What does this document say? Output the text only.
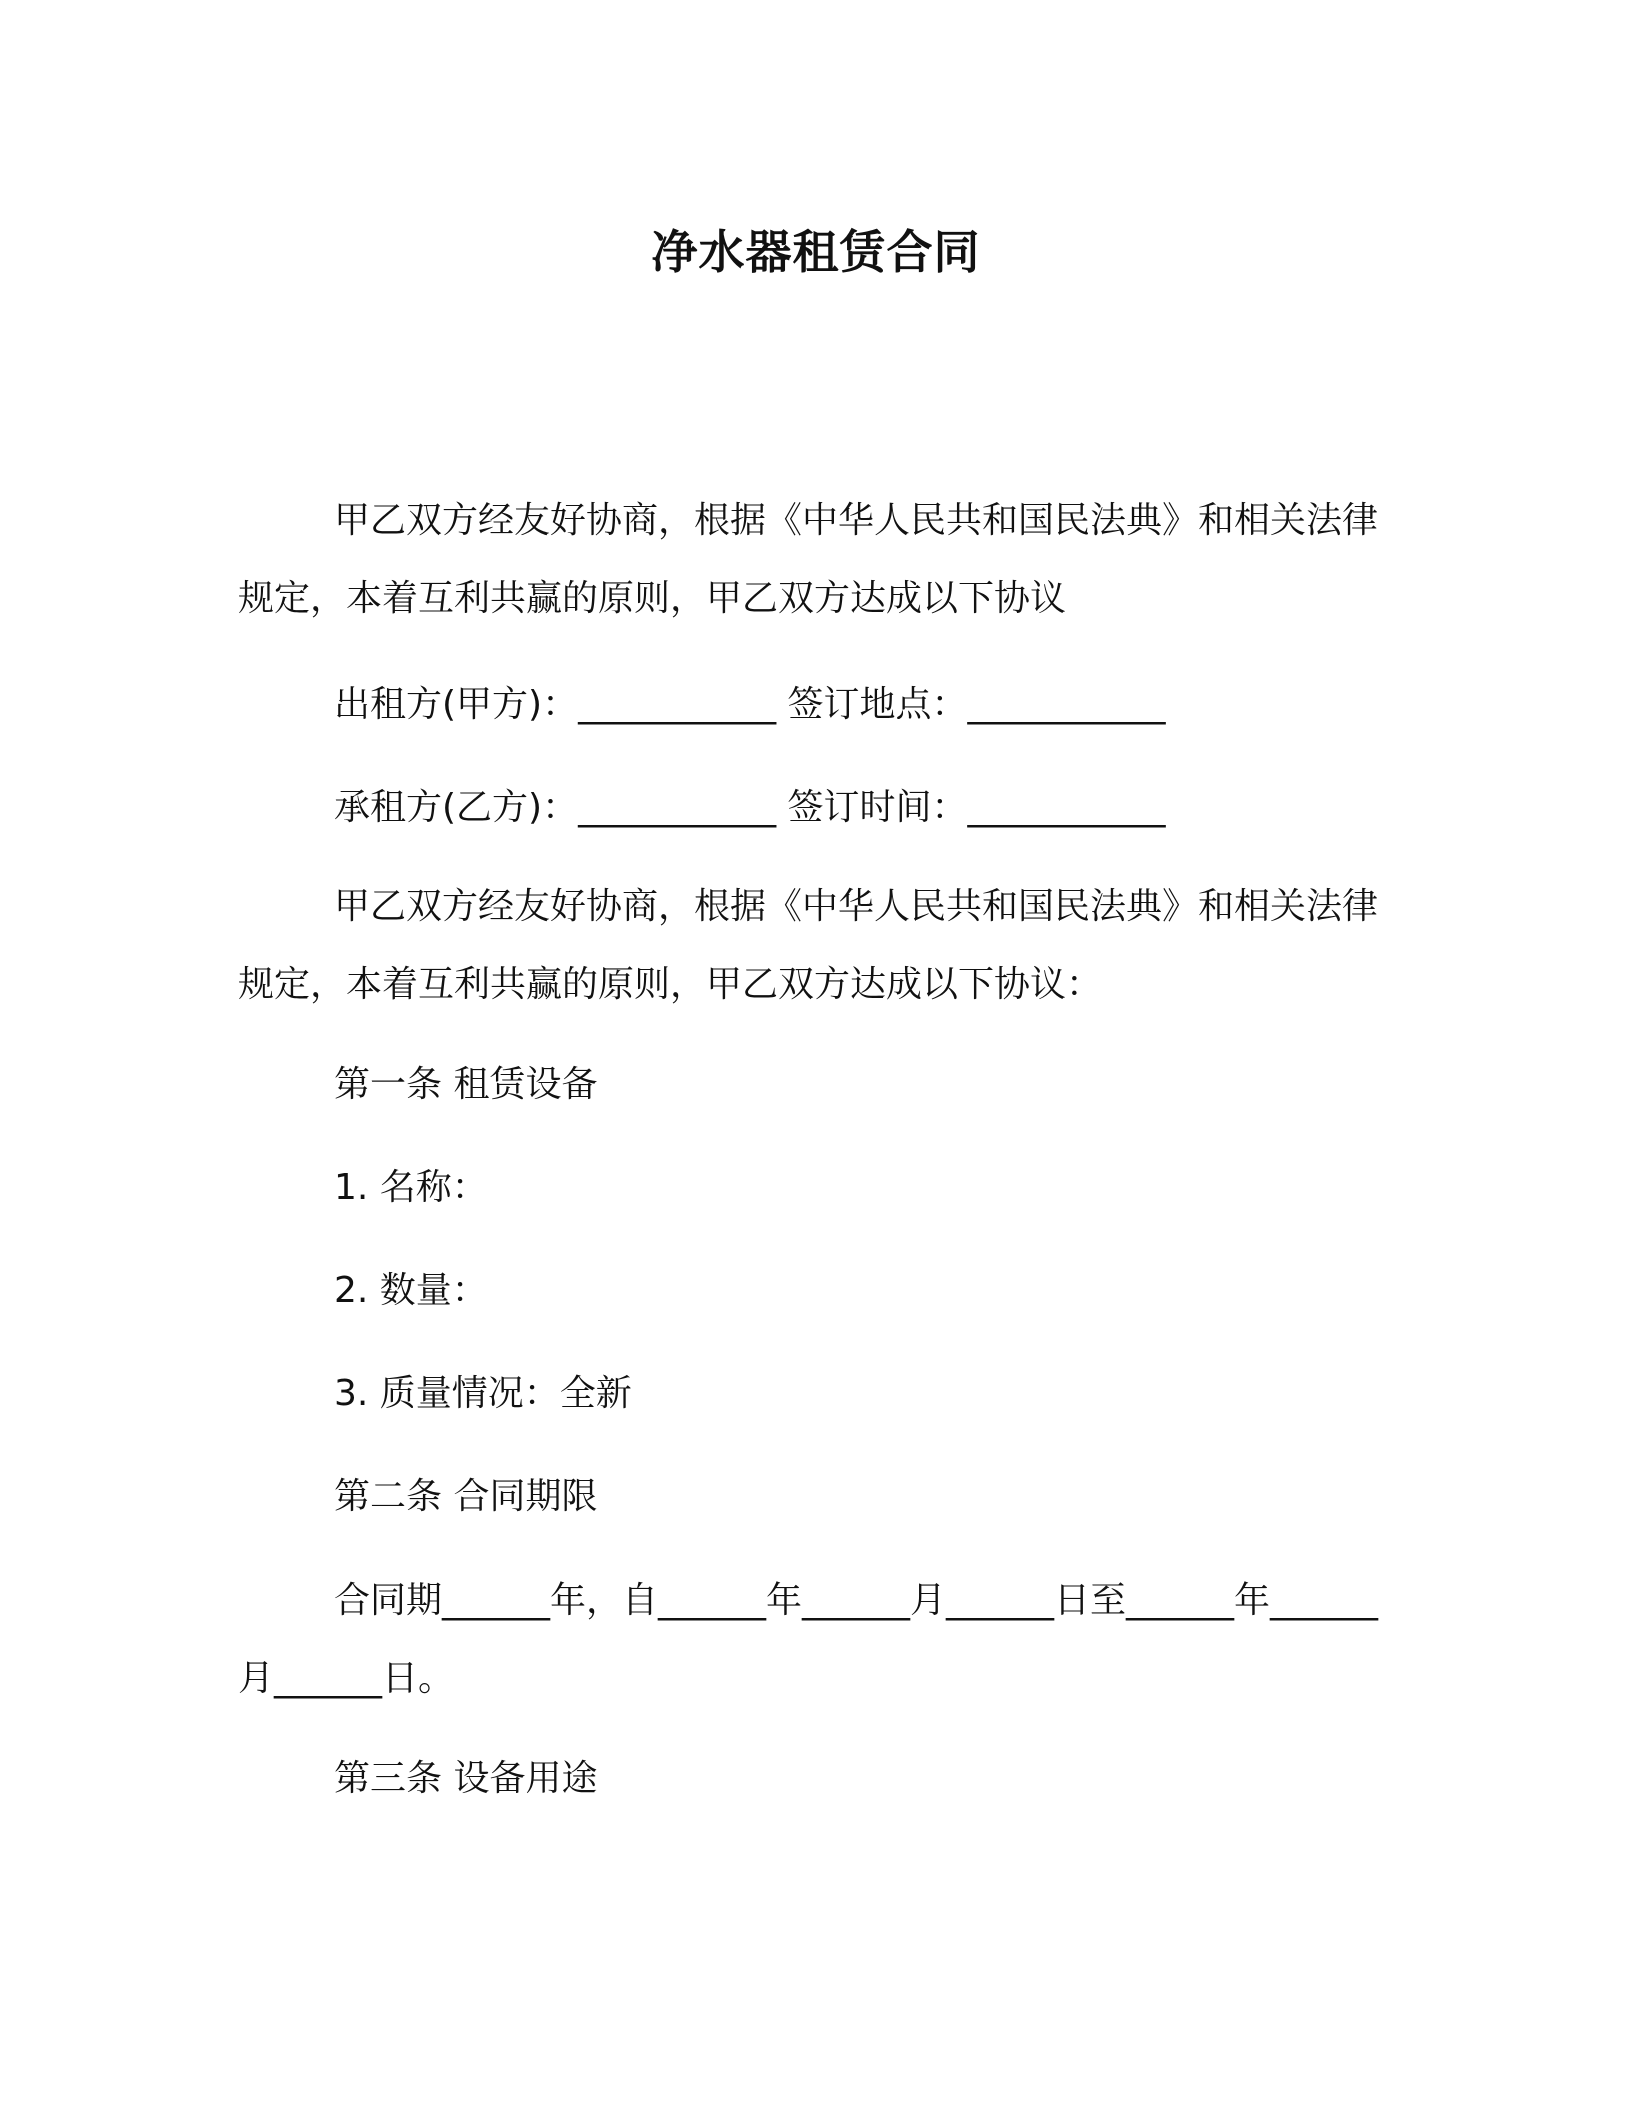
净水器租赁合同

甲乙双方经友好协商，根据《中华人民共和国民法典》和相关法律规定，本着互利共赢的原则，甲乙双方达成以下协议

出租方(甲方)：___________ 签订地点：___________

承租方(乙方)：___________ 签订时间：___________

甲乙双方经友好协商，根据《中华人民共和国民法典》和相关法律规定，本着互利共赢的原则，甲乙双方达成以下协议：

第一条 租赁设备

1. 名称：

2. 数量：

3. 质量情况：全新

第二条 合同期限

合同期______年，自______年______月______日至______年______月______日。

第三条 设备用途
